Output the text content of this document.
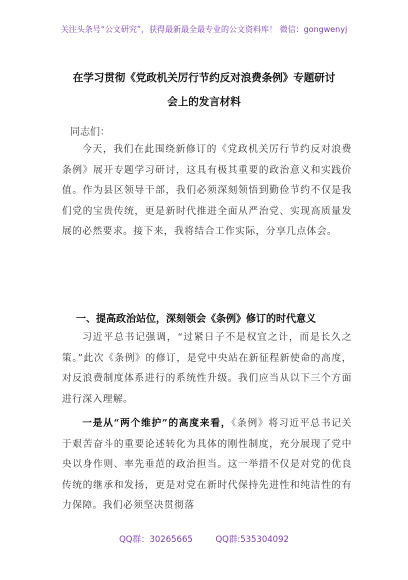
关注头条号“公文研究”，获得最新最全最专业的公文资料库！ 微信：gongwenyj
在学习贯彻《党政机关厉行节约反对浪费条例》专题研讨
会上的发言材料
同志们：
今天，我们在此围绕新修订的《党政机关厉行节约反对浪费条例》展开专题学习研讨，这具有极其重要的政治意义和实践价值。作为县区领导干部，我们必须深刻领悟到勤俭节约不仅是我们党的宝贵传统，更是新时代推进全面从严治党、实现高质量发展的必然要求。接下来，我将结合工作实际，分享几点体会。
一、提高政治站位，深刻领会《条例》修订的时代意义
习近平总书记强调，“过紧日子不是权宜之计，而是长久之策。”此次《条例》的修订，是党中央站在新征程新使命的高度，对反浪费制度体系进行的系统性升级。我们应当从以下三个方面进行深入理解。
一是从“两个维护”的高度来看，《条例》将习近平总书记关于艰苦奋斗的重要论述转化为具体的刚性制度，充分展现了党中央以身作则、率先垂范的政治担当。这一举措不仅是对党的优良传统的继承和发扬，更是对党在新时代保持先进性和纯洁性的有力保障。我们必须坚决贯彻落
QQ群：30265665	QQ群:535304092
